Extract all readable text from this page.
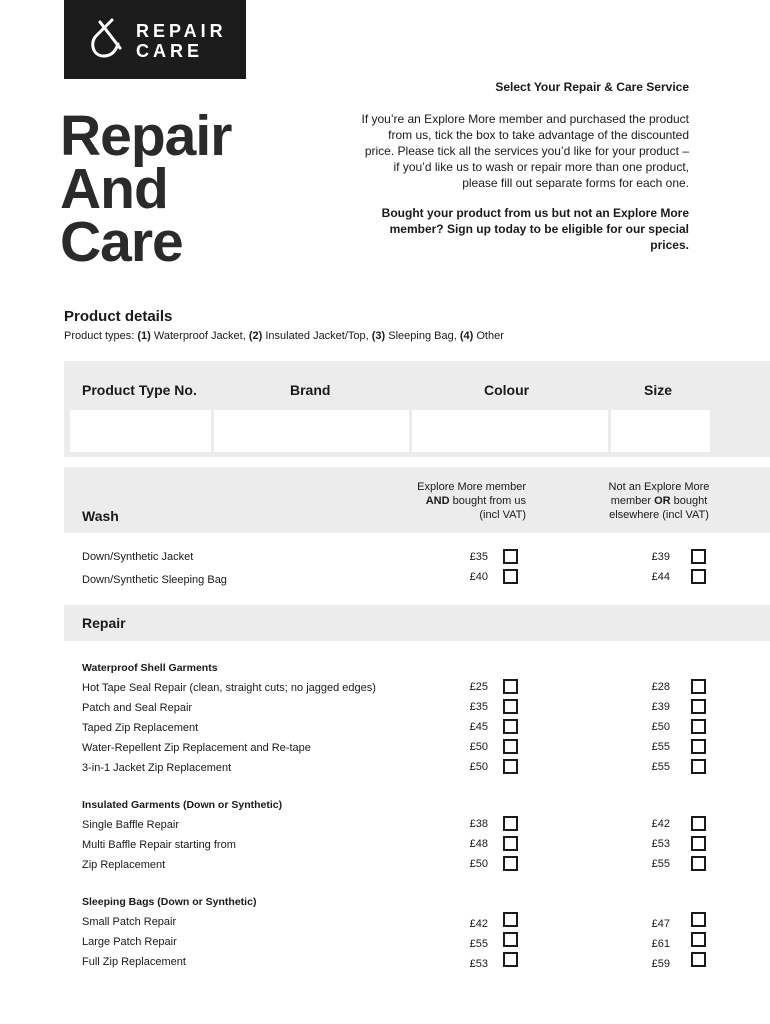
REPAIR
CARE
Repair
And
Care
Select Your Repair & Care Service
If you’re an Explore More member and purchased the product from us, tick the box to take advantage of the discounted price. Please tick all the services you’d like for your product – if you’d like us to wash or repair more than one product, please fill out separate forms for each one.
Bought your product from us but not an Explore More member? Sign up today to be eligible for our special prices.
Product details
Product types: (1) Waterproof Jacket, (2) Insulated Jacket/Top, (3) Sleeping Bag, (4) Other
Product Type No.	Brand	Colour	Size
Wash
Explore More member
AND bought from us
(incl VAT)
Not an Explore More
member OR bought
elsewhere (incl VAT)
Down/Synthetic Jacket	£35	£39
Down/Synthetic Sleeping Bag	£40	£44
Repair
Waterproof Shell Garments
Hot Tape Seal Repair (clean, straight cuts; no jagged edges)	£25	£28
Patch and Seal Repair	£35	£39
Taped Zip Replacement	£45	£50
Water-Repellent Zip Replacement and Re-tape	£50	£55
3-in-1 Jacket Zip Replacement	£50	£55
Insulated Garments (Down or Synthetic)
Single Baffle Repair	£38	£42
Multi Baffle Repair starting from	£48	£53
Zip Replacement	£50	£55
Sleeping Bags (Down or Synthetic)
Small Patch Repair	£42	£47
Large Patch Repair	£55	£61
Full Zip Replacement	£53	£59
